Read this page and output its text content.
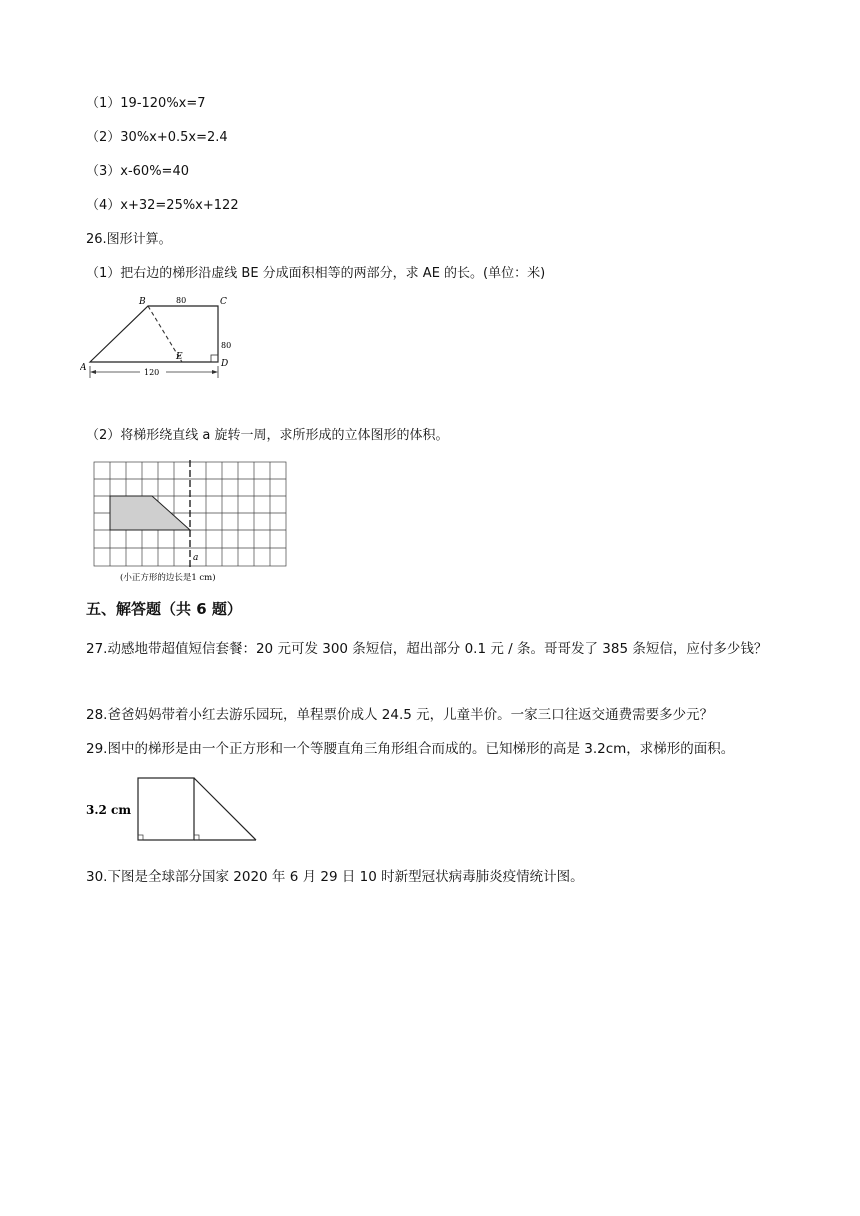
（1）19-120%x=7
（2）30%x+0.5x=2.4
（3）x-60%=40
（4）x+32=25%x+122
26.图形计算。
（1）把右边的梯形沿虚线 BE 分成面积相等的两部分，求 AE 的长。(单位：米)
B	C
A	D
E
80
80
120
（2）将梯形绕直线 a 旋转一周，求所形成的立体图形的体积。
a
(小正方形的边长是1 cm)
五、解答题（共 6 题）
27.动感地带超值短信套餐：20 元可发 300 条短信，超出部分 0.1 元 / 条。哥哥发了 385 条短信，应付多少钱？
28.爸爸妈妈带着小红去游乐园玩，单程票价成人 24.5 元，儿童半价。一家三口往返交通费需要多少元？
29.图中的梯形是由一个正方形和一个等腰直角三角形组合而成的。已知梯形的高是 3.2cm，求梯形的面积。
3.2 cm
30.下图是全球部分国家 2020 年 6 月 29 日 10 时新型冠状病毒肺炎疫情统计图。
